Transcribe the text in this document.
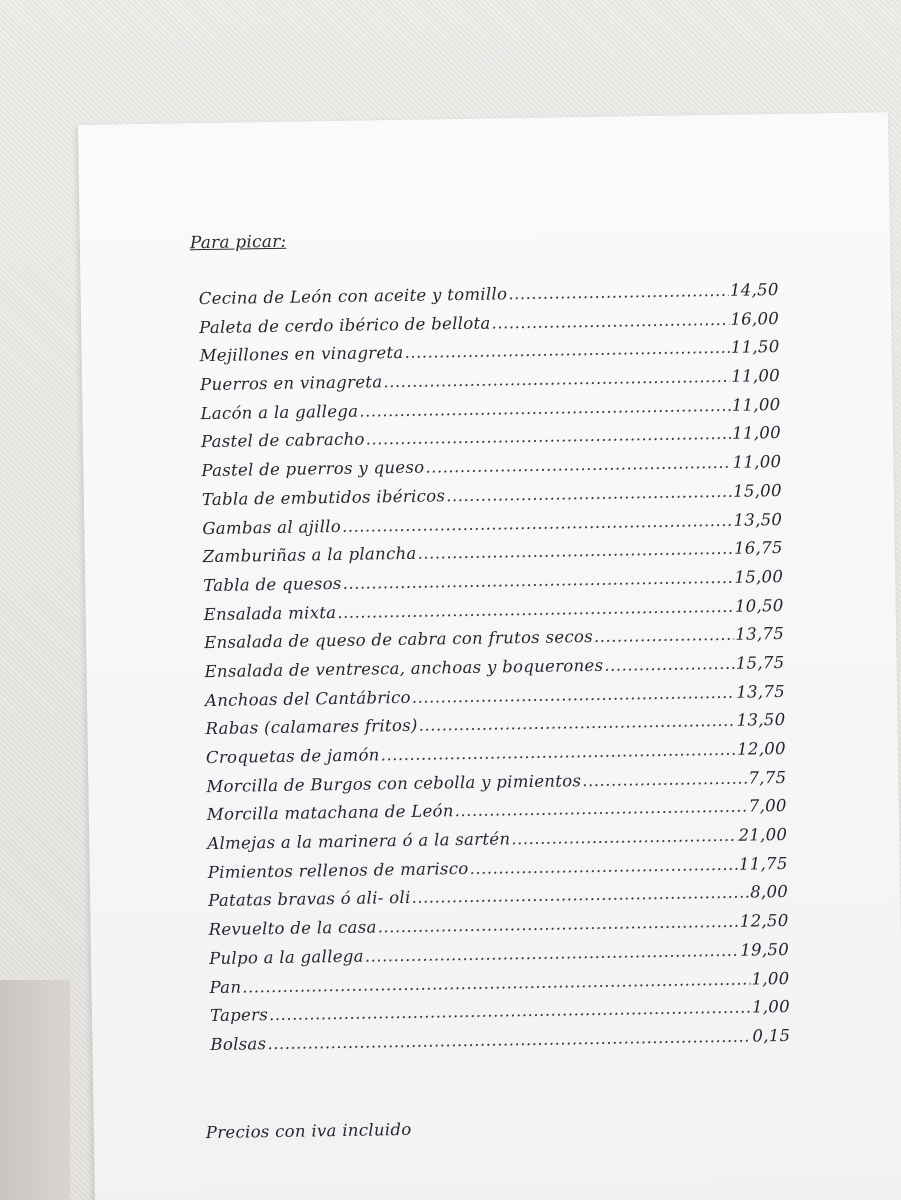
Para picar:
Cecina de León con aceite y tomillo .....	14,50
Paleta de cerdo ibérico de bellota .....	16,00
Mejillones en vinagreta .....	11,50
Puerros en vinagreta .....	11,00
Lacón a la gallega .....	11,00
Pastel de cabracho .....	11,00
Pastel de puerros y queso .....	11,00
Tabla de embutidos ibéricos .....	15,00
Gambas al ajillo .....	13,50
Zamburiñas a la plancha .....	16,75
Tabla de quesos .....	15,00
Ensalada mixta .....	10,50
Ensalada de queso de cabra con frutos secos .....	13,75
Ensalada de ventresca, anchoas y boquerones .....	15,75
Anchoas del Cantábrico .....	13,75
Rabas (calamares fritos) .....	13,50
Croquetas de jamón .....	12,00
Morcilla de Burgos con cebolla y pimientos .....	7,75
Morcilla matachana de León .....	7,00
Almejas a la marinera ó a la sartén .....	21,00
Pimientos rellenos de marisco .....	11,75
Patatas bravas ó ali- oli .....	8,00
Revuelto de la casa .....	12,50
Pulpo a la gallega .....	19,50
Pan .....	1,00
Tapers .....	1,00
Bolsas .....	0,15
Precios con iva incluido
